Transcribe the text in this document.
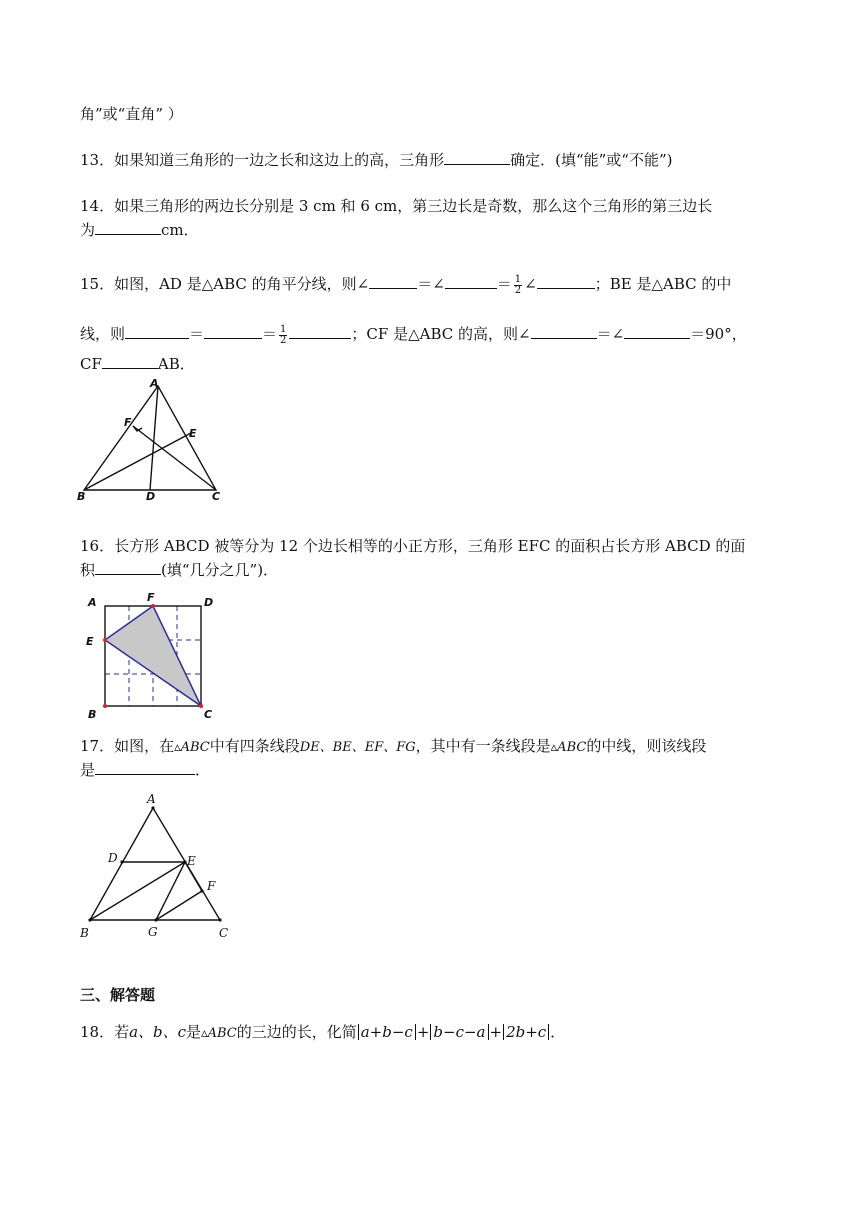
角”或“直角” ）
13．如果知道三角形的一边之长和这边上的高，三角形	确定．(填“能”或“不能”)
14．如果三角形的两边长分别是 3 cm 和 6 cm，第三边长是奇数，那么这个三角形的第三边长
为	cm．
15．如图，AD 是△ABC 的角平分线，则∠	＝∠	＝ $\frac{1}{2}$ ∠	；BE 是△ABC 的中
线，则	＝	＝ $\frac{1}{2}$	；CF 是△ABC 的高，则∠	＝∠	＝90°，
CF	AB．
A
B	C
D
E
F
16．长方形 ABCD 被等分为 12 个边长相等的小正方形，三角形 EFC 的面积占长方形 ABCD 的面
积	(填“几分之几”)．
A
B	C
D
E
F
17．如图，在▵ABC中有四条线段DE、BE、EF、FG，其中有一条线段是▵ABC的中线，则该线段
是	．
A
B	C
D	E
F
G
三、解答题
18．若a、b、c是▵ABC的三边的长，化简 a+b−c + b−c−a + 2b+c ．
